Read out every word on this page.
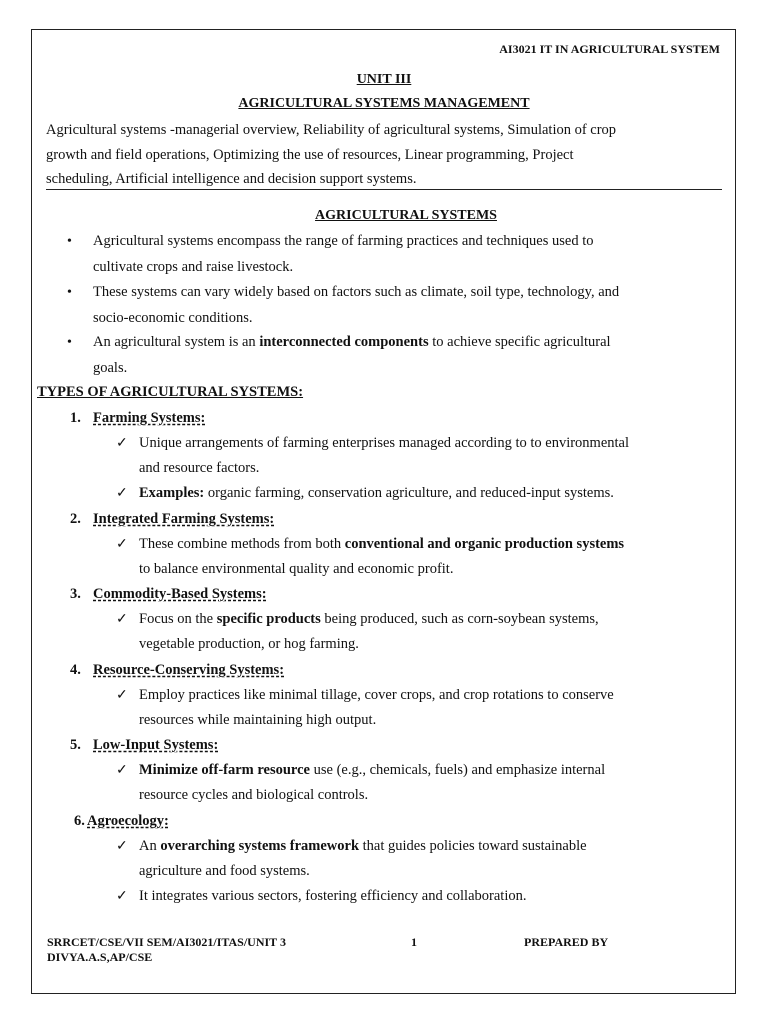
AI3021 IT IN AGRICULTURAL SYSTEM
UNIT III
AGRICULTURAL SYSTEMS MANAGEMENT
Agricultural systems -managerial overview, Reliability of agricultural systems, Simulation of crop
growth and field operations, Optimizing the use of resources, Linear programming, Project
scheduling, Artificial intelligence and decision support systems.
AGRICULTURAL SYSTEMS
• Agricultural systems encompass the range of farming practices and techniques used to
cultivate crops and raise livestock.
• These systems can vary widely based on factors such as climate, soil type, technology, and
socio-economic conditions.
• An agricultural system is an interconnected components to achieve specific agricultural
goals.
TYPES OF AGRICULTURAL SYSTEMS:
1. Farming Systems:
✓ Unique arrangements of farming enterprises managed according to to environmental
and resource factors.
✓ Examples: organic farming, conservation agriculture, and reduced-input systems.
2. Integrated Farming Systems:
✓ These combine methods from both conventional and organic production systems
to balance environmental quality and economic profit.
3. Commodity-Based Systems:
✓ Focus on the specific products being produced, such as corn-soybean systems,
vegetable production, or hog farming.
4. Resource-Conserving Systems:
✓ Employ practices like minimal tillage, cover crops, and crop rotations to conserve
resources while maintaining high output.
5. Low-Input Systems:
✓ Minimize off-farm resource use (e.g., chemicals, fuels) and emphasize internal
resource cycles and biological controls.
6. Agroecology:
✓ An overarching systems framework that guides policies toward sustainable
agriculture and food systems.
✓ It integrates various sectors, fostering efficiency and collaboration.
SRRCET/CSE/VII SEM/AI3021/ITAS/UNIT 3
DIVYA.A.S,AP/CSE
1	PREPARED BY
